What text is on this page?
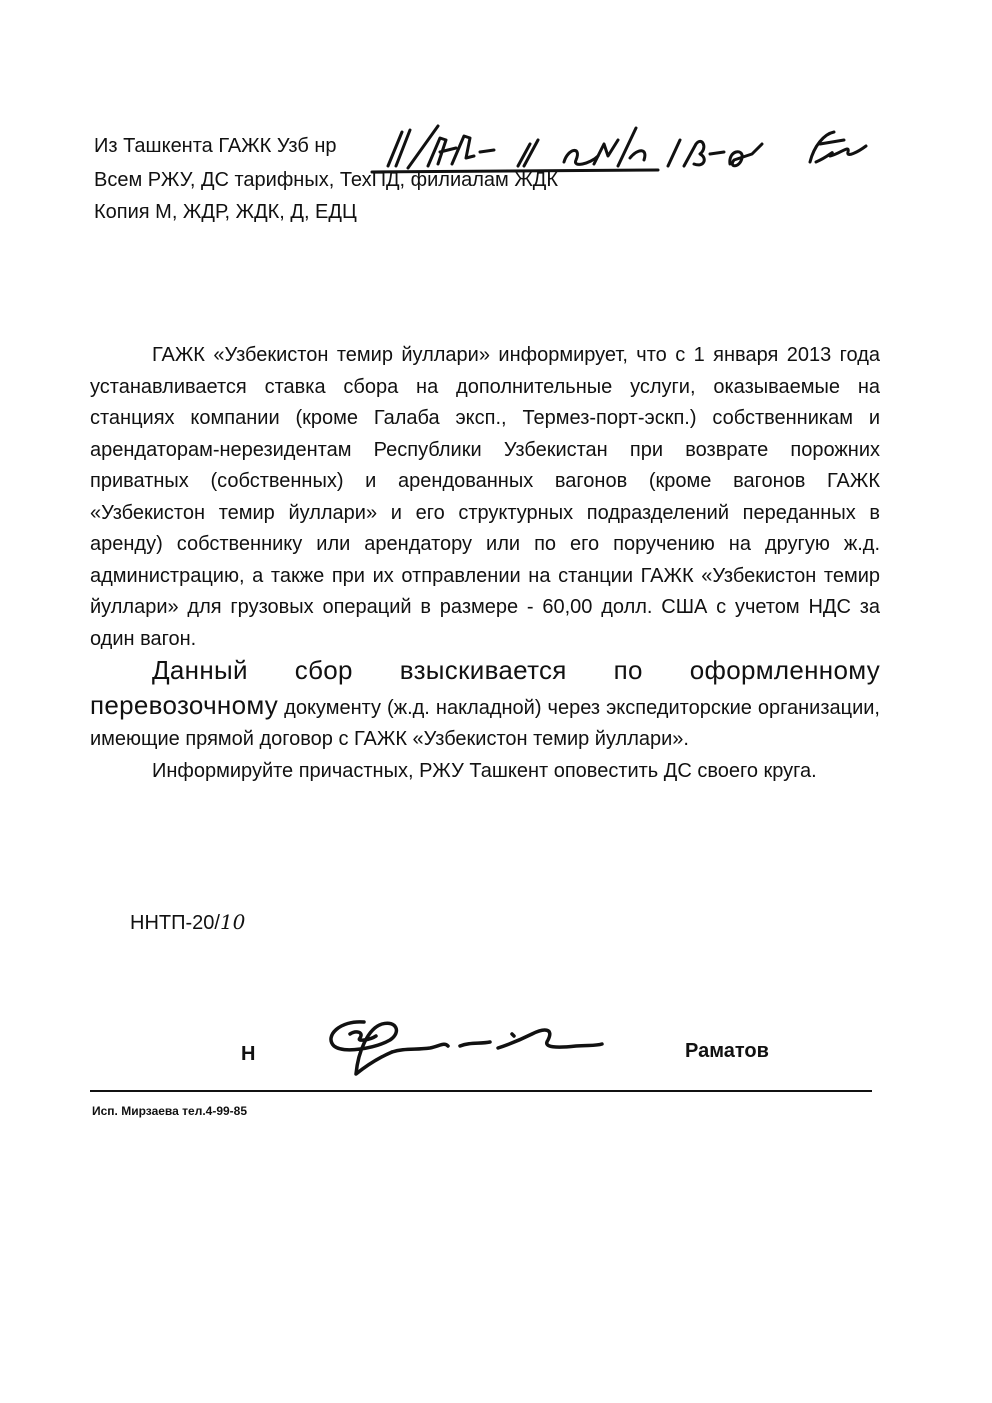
Из Ташкента ГАЖК Узб нр
Всем РЖУ, ДС тарифных, ТехПД, филиалам ЖДК
Копия М, ЖДР, ЖДК, Д, ЕДЦ

ГАЖК «Узбекистон темир йуллари» информирует, что с 1 января 2013 года устанавливается ставка сбора на дополнительные услуги, оказываемые на станциях компании (кроме Галаба эксп., Термез-порт-эскп.) собственникам и арендаторам-нерезидентам Республики Узбекистан при возврате порожних приватных (собственных) и арендованных вагонов (кроме вагонов ГАЖК «Узбекистон темир йуллари» и его структурных подразделений переданных в аренду) собственнику или арендатору или по его поручению на другую ж.д. администрацию, а также при их отправлении на станции ГАЖК «Узбекистон темир йуллари» для грузовых операций в размере - 60,00 долл. США с учетом НДС за один вагон.

Данный сбор взыскивается по оформленному перевозочному документу (ж.д. накладной) через экспедиторские организации, имеющие прямой договор с ГАЖК «Узбекистон темир йуллари».

Информируйте причастных, РЖУ Ташкент оповестить ДС своего круга.

ННТП-20/10
Н	Раматов
Исп. Мирзаева тел.4-99-85
